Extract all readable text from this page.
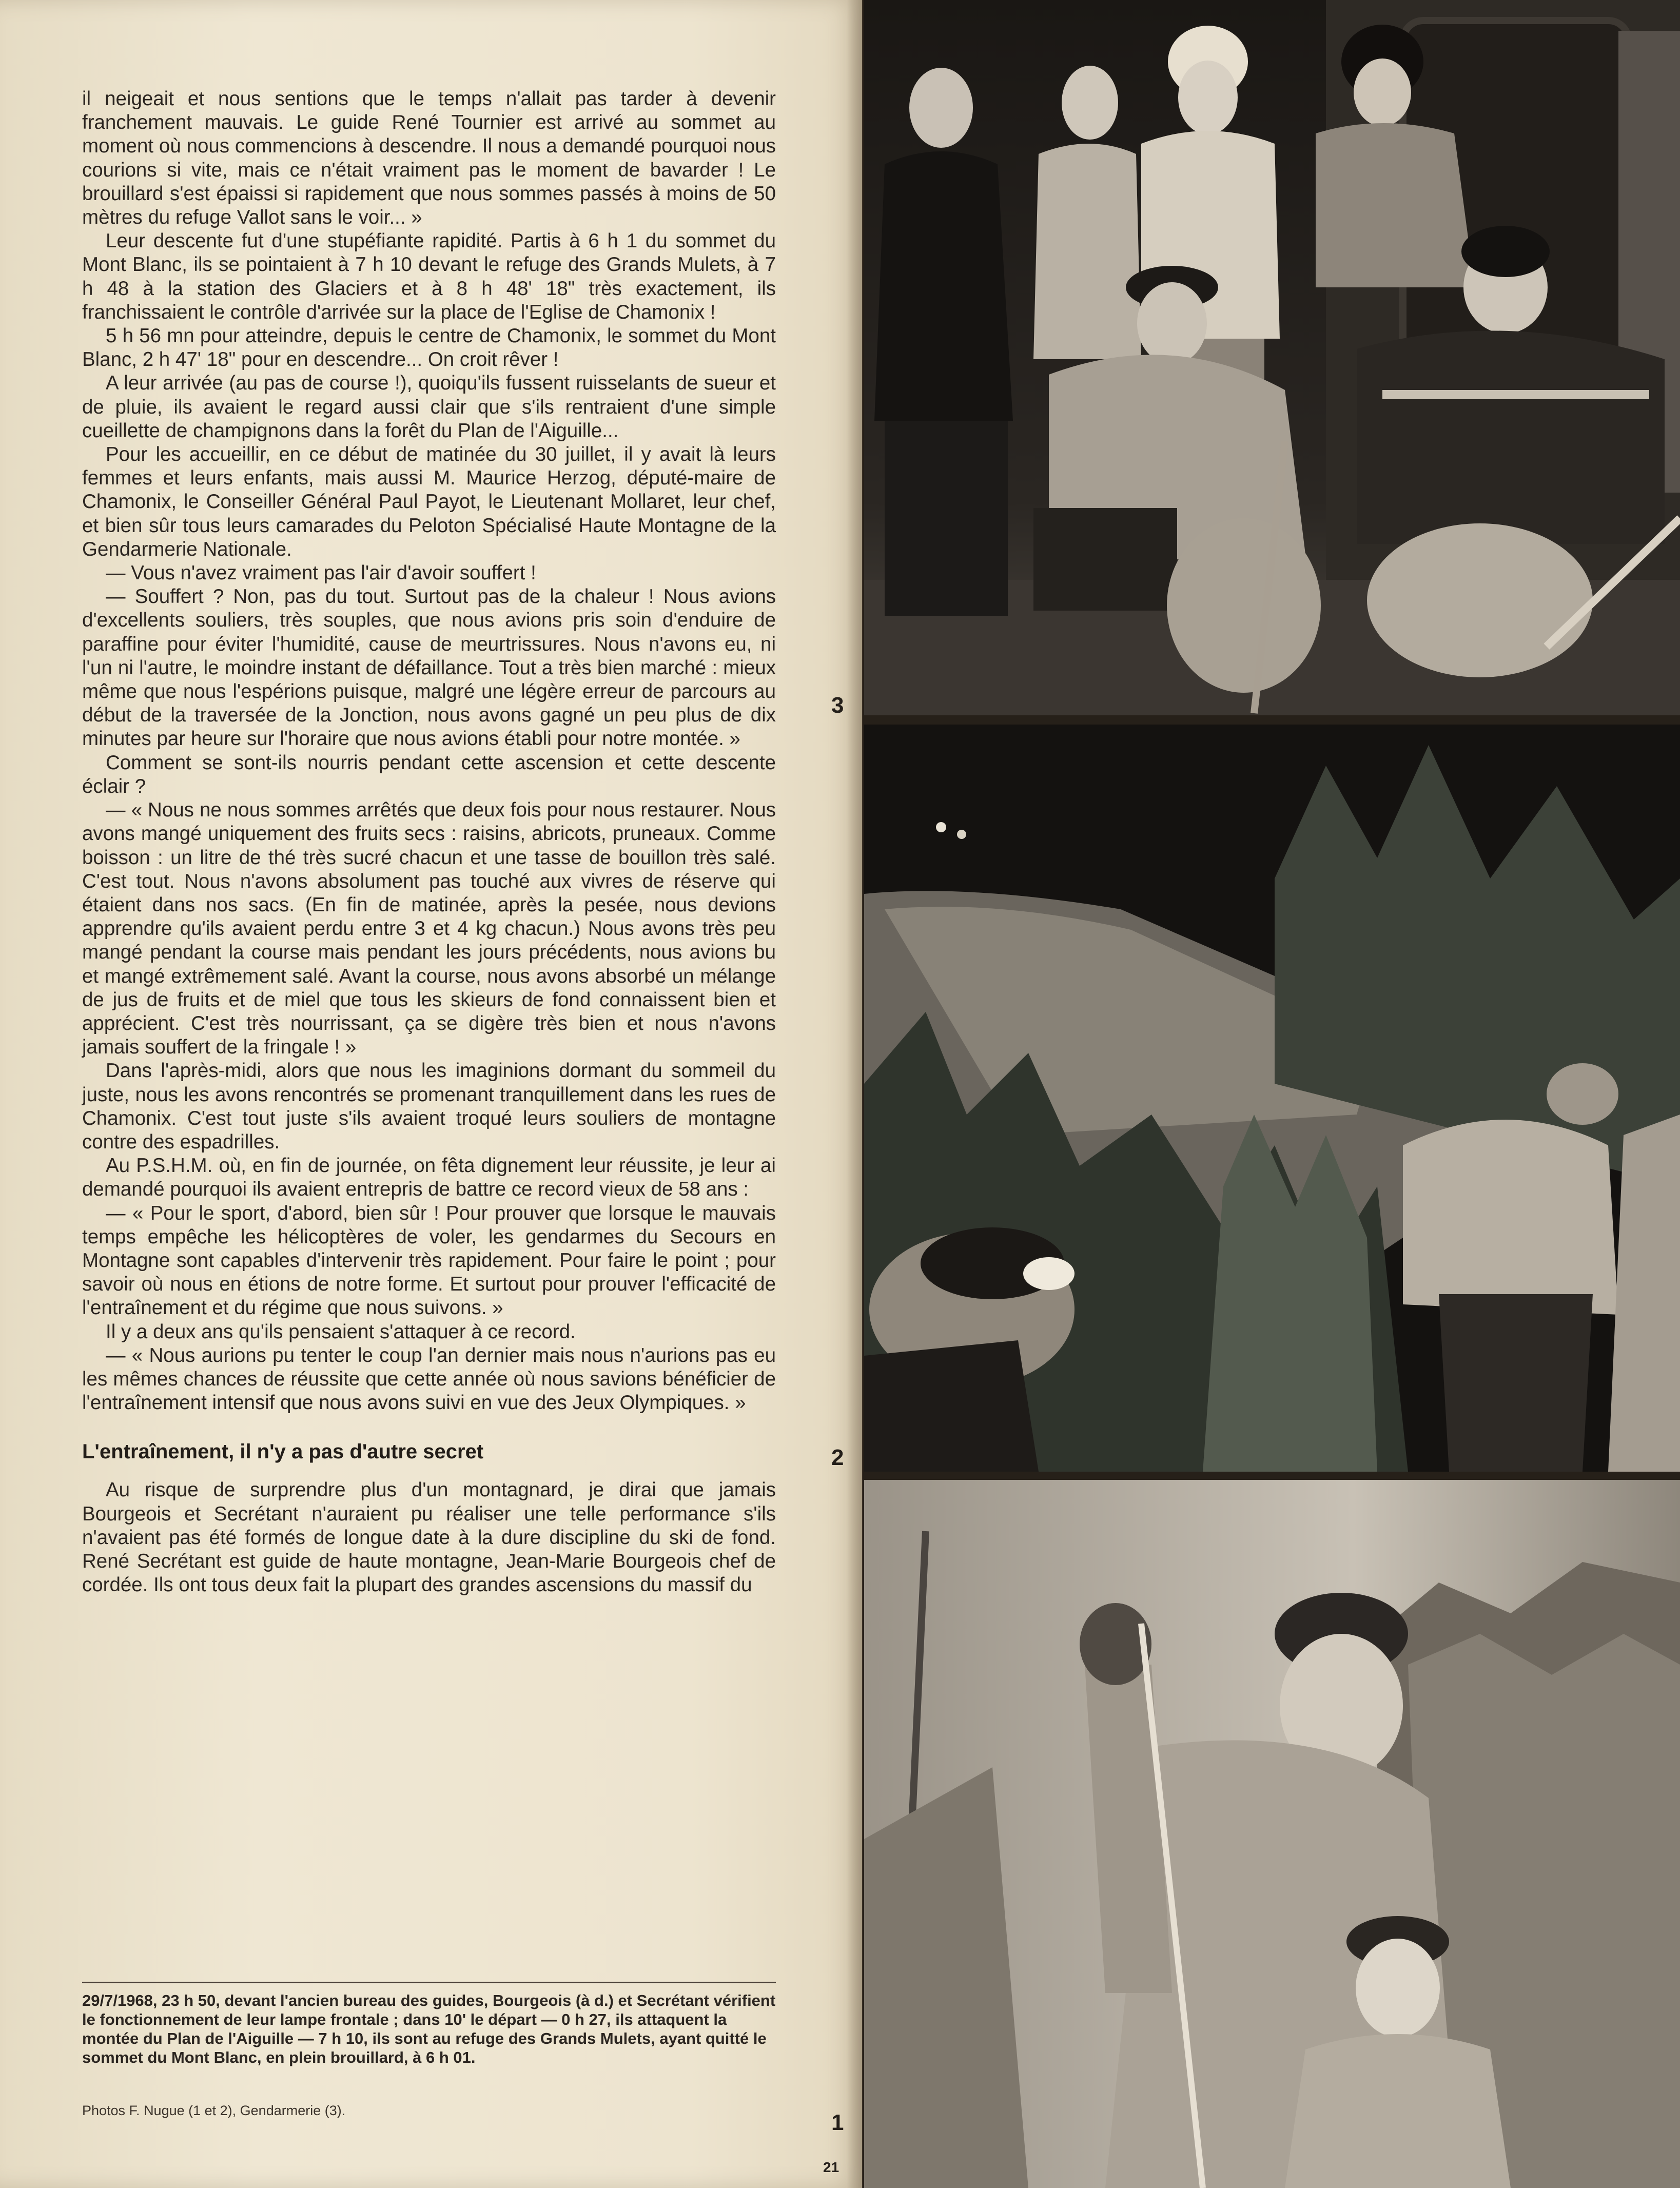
il neigeait et nous sentions que le temps n'allait pas tarder à devenir franchement mauvais. Le guide René Tournier est arrivé au sommet au moment où nous commencions à descendre. Il nous a demandé pourquoi nous courions si vite, mais ce n'était vraiment pas le moment de bavarder ! Le brouillard s'est épaissi si rapidement que nous sommes passés à moins de 50 mètres du refuge Vallot sans le voir... »

Leur descente fut d'une stupéfiante rapidité. Partis à 6 h 1 du sommet du Mont Blanc, ils se pointaient à 7 h 10 devant le refuge des Grands Mulets, à 7 h 48 à la station des Glaciers et à 8 h 48' 18" très exactement, ils franchissaient le contrôle d'arrivée sur la place de l'Eglise de Chamonix !

5 h 56 mn pour atteindre, depuis le centre de Chamonix, le sommet du Mont Blanc, 2 h 47' 18" pour en descendre... On croit rêver !

A leur arrivée (au pas de course !), quoiqu'ils fussent ruisselants de sueur et de pluie, ils avaient le regard aussi clair que s'ils rentraient d'une simple cueillette de champignons dans la forêt du Plan de l'Aiguille...

Pour les accueillir, en ce début de matinée du 30 juillet, il y avait là leurs femmes et leurs enfants, mais aussi M. Maurice Herzog, député-maire de Chamonix, le Conseiller Général Paul Payot, le Lieutenant Mollaret, leur chef, et bien sûr tous leurs camarades du Peloton Spécialisé Haute Montagne de la Gendarmerie Nationale.

— Vous n'avez vraiment pas l'air d'avoir souffert !

— Souffert ? Non, pas du tout. Surtout pas de la chaleur ! Nous avions d'excellents souliers, très souples, que nous avions pris soin d'enduire de paraffine pour éviter l'humidité, cause de meurtrissures. Nous n'avons eu, ni l'un ni l'autre, le moindre instant de défaillance. Tout a très bien marché : mieux même que nous l'espérions puisque, malgré une légère erreur de parcours au début de la traversée de la Jonction, nous avons gagné un peu plus de dix minutes par heure sur l'horaire que nous avions établi pour notre montée. »

Comment se sont-ils nourris pendant cette ascension et cette descente éclair ?

— « Nous ne nous sommes arrêtés que deux fois pour nous restaurer. Nous avons mangé uniquement des fruits secs : raisins, abricots, pruneaux. Comme boisson : un litre de thé très sucré chacun et une tasse de bouillon très salé. C'est tout. Nous n'avons absolument pas touché aux vivres de réserve qui étaient dans nos sacs. (En fin de matinée, après la pesée, nous devions apprendre qu'ils avaient perdu entre 3 et 4 kg chacun.) Nous avons très peu mangé pendant la course mais pendant les jours précédents, nous avions bu et mangé extrêmement salé. Avant la course, nous avons absorbé un mélange de jus de fruits et de miel que tous les skieurs de fond connaissent bien et apprécient. C'est très nourrissant, ça se digère très bien et nous n'avons jamais souffert de la fringale ! »

Dans l'après-midi, alors que nous les imaginions dormant du sommeil du juste, nous les avons rencontrés se promenant tranquillement dans les rues de Chamonix. C'est tout juste s'ils avaient troqué leurs souliers de montagne contre des espadrilles.

Au P.S.H.M. où, en fin de journée, on fêta dignement leur réussite, je leur ai demandé pourquoi ils avaient entrepris de battre ce record vieux de 58 ans :

— « Pour le sport, d'abord, bien sûr ! Pour prouver que lorsque le mauvais temps empêche les hélicoptères de voler, les gendarmes du Secours en Montagne sont capables d'intervenir très rapidement. Pour faire le point ; pour savoir où nous en étions de notre forme. Et surtout pour prouver l'efficacité de l'entraînement et du régime que nous suivons. »

Il y a deux ans qu'ils pensaient s'attaquer à ce record.

— « Nous aurions pu tenter le coup l'an dernier mais nous n'aurions pas eu les mêmes chances de réussite que cette année où nous savions bénéficier de l'entraînement intensif que nous avons suivi en vue des Jeux Olympiques. »

L'entraînement, il n'y a pas d'autre secret

Au risque de surprendre plus d'un montagnard, je dirai que jamais Bourgeois et Secrétant n'auraient pu réaliser une telle performance s'ils n'avaient pas été formés de longue date à la dure discipline du ski de fond. René Secrétant est guide de haute montagne, Jean-Marie Bourgeois chef de cordée. Ils ont tous deux fait la plupart des grandes ascensions du massif du

29/7/1968, 23 h 50, devant l'ancien bureau des guides, Bourgeois (à d.) et Secrétant vérifient le fonctionnement de leur lampe frontale ; dans 10' le départ — 0 h 27, ils attaquent la montée du Plan de l'Aiguille — 7 h 10, ils sont au refuge des Grands Mulets, ayant quitté le sommet du Mont Blanc, en plein brouillard, à 6 h 01.

Photos F. Nugue (1 et 2), Gendarmerie (3).
3
2
1
21
